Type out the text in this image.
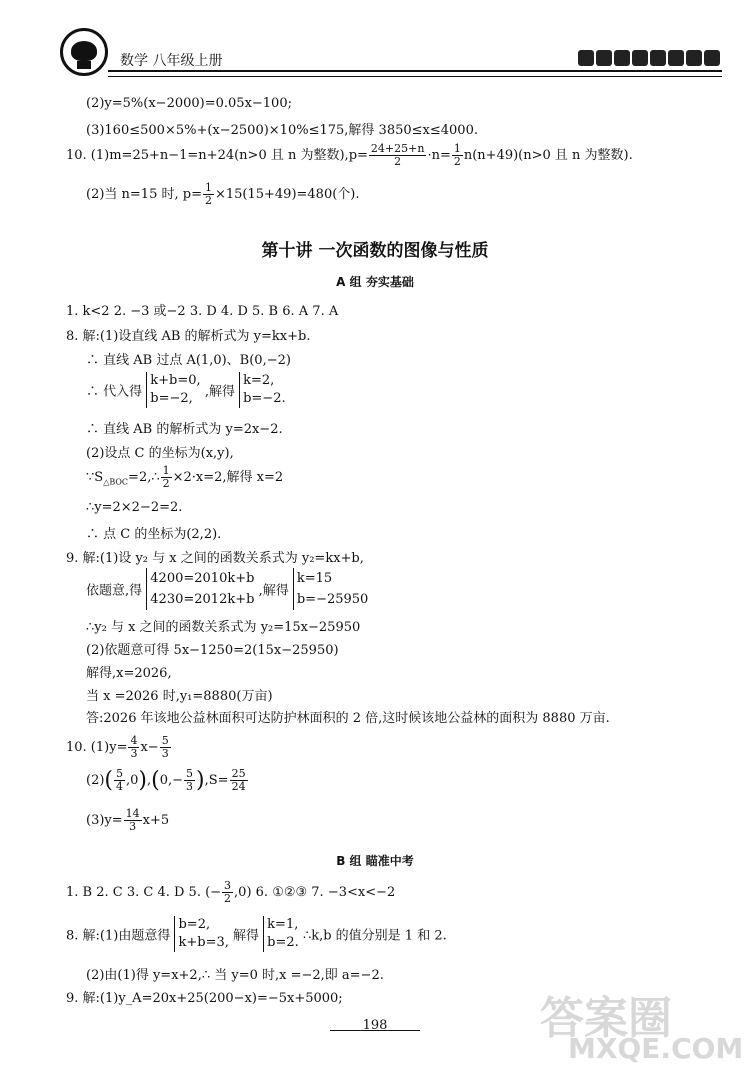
数学 八年级上册
(2)y=5%(x−2000)=0.05x−100;
(3)160≤500×5%+(x−2500)×10%≤175,解得 3850≤x≤4000.
10. (1)m=25+n−1=n+24(n>0 且 n 为整数)$,p= \frac{24+25+n}{2} \cdot n= \frac{1}{2} n(n+49)(n>0$ 且 n 为整数).
(2)当 n=15 时, $p= \frac{1}{2} \times 15(15+49)=480$(个).
第十讲 一次函数的图像与性质
A 组 夯实基础
1. k<2 2. −3 或−2 3. D 4. D 5. B 6. A 7. A
8. 解:(1)设直线 AB 的解析式为 y=kx+b.
∴ 直线 AB 过点 A(1,0)、B(0,−2)
∴ 代入得 k+b=0,
b=−2, ,解得 k=2,
b=−2.
∴ 直线 AB 的解析式为 y=2x−2.
(2)设点 C 的坐标为(x,y),
$\because S_{\triangle BOC}=2,\therefore \frac{1}{2} \times 2\cdot x=2$,解得 x=2
∴y=2×2−2=2.
∴ 点 C 的坐标为(2,2).
9. 解:(1)设 y₂ 与 x 之间的函数关系式为 y₂=kx+b,
依题意,得 4200=2010k+b
4230=2012k+b ,解得 k=15
b=−25950
∴y₂ 与 x 之间的函数关系式为 y₂=15x−25950
(2)依题意可得 5x−1250=2(15x−25950)
解得,x=2026,
当 x =2026 时,y₁=8880(万亩)
答:2026 年该地公益林面积可达防护林面积的 2 倍,这时候该地公益林的面积为 8880 万亩.
10. $(1)y= \frac{4}{3} x- \frac{5}{3}$
$(2)( \frac{5}{4} ,0),(0,- \frac{5}{3} ),S= \frac{25}{24}$
$(3)y= \frac{14}{3} x+5$
B 组 瞄准中考
1. B 2. C 3. C 4. D 5. (− $\frac{3}{2} ,0$) 6. ①②③ 7. −3<x<−2
8. 解:(1)由题意得 b=2,
k+b=3, 解得 k=1,
b=2. ∴k,b 的值分别是 1 和 2.
(2)由(1)得 y=x+2,∴ 当 y=0 时,x =−2,即 a=−2.
9. 解:(1)y_A=20x+25(200−x)=−5x+5000;
198	答案圈
MXQE.COM
